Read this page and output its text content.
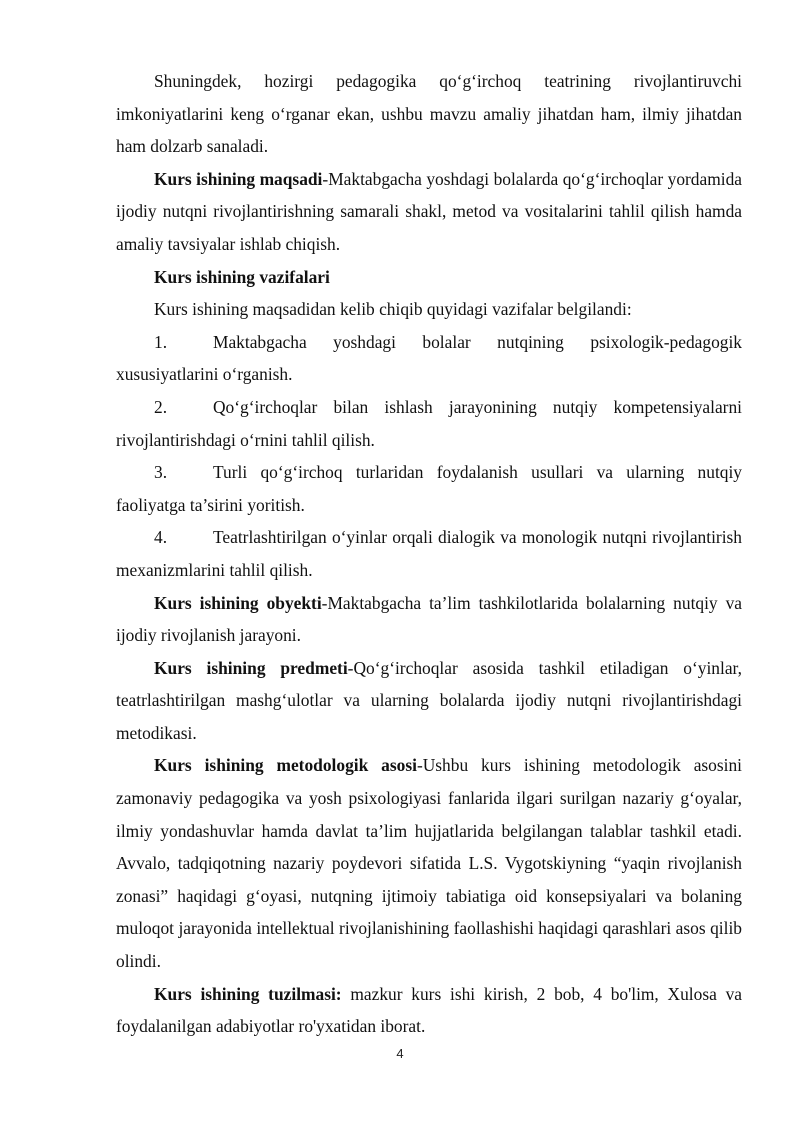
Shuningdek, hozirgi pedagogika qo‘g‘irchoq teatrining rivojlantiruvchi imkoniyatlarini keng o‘rganar ekan, ushbu mavzu amaliy jihatdan ham, ilmiy jihatdan ham dolzarb sanaladi.

Kurs ishining maqsadi-Maktabgacha yoshdagi bolalarda qo‘g‘irchoqlar yordamida ijodiy nutqni rivojlantirishning samarali shakl, metod va vositalarini tahlil qilish hamda amaliy tavsiyalar ishlab chiqish.

Kurs ishining vazifalari

Kurs ishining maqsadidan kelib chiqib quyidagi vazifalar belgilandi:

1.	Maktabgacha yoshdagi bolalar nutqining psixologik-pedagogik xususiyatlarini o‘rganish.

2.	Qo‘g‘irchoqlar bilan ishlash jarayonining nutqiy kompetensiyalarni rivojlantirishdagi o‘rnini tahlil qilish.

3.	Turli qo‘g‘irchoq turlaridan foydalanish usullari va ularning nutqiy faoliyatga ta’sirini yoritish.

4.	Teatrlashtirilgan o‘yinlar orqali dialogik va monologik nutqni rivojlantirish mexanizmlarini tahlil qilish.

Kurs ishining obyekti-Maktabgacha ta’lim tashkilotlarida bolalarning nutqiy va ijodiy rivojlanish jarayoni.

Kurs ishining predmeti-Qo‘g‘irchoqlar asosida tashkil etiladigan o‘yinlar, teatrlashtirilgan mashg‘ulotlar va ularning bolalarda ijodiy nutqni rivojlantirishdagi metodikasi.

Kurs ishining metodologik asosi-Ushbu kurs ishining metodologik asosini zamonaviy pedagogika va yosh psixologiyasi fanlarida ilgari surilgan nazariy g‘oyalar, ilmiy yondashuvlar hamda davlat ta’lim hujjatlarida belgilangan talablar tashkil etadi. Avvalo, tadqiqotning nazariy poydevori sifatida L.S. Vygotskiyning “yaqin rivojlanish zonasi” haqidagi g‘oyasi, nutqning ijtimoiy tabiatiga oid konsepsiyalari va bolaning muloqot jarayonida intellektual rivojlanishining faollashishi haqidagi qarashlari asos qilib olindi.

Kurs ishining tuzilmasi: mazkur kurs ishi kirish, 2 bob, 4 bo'lim, Xulosa va foydalanilgan adabiyotlar ro'yxatidan iborat.

4
